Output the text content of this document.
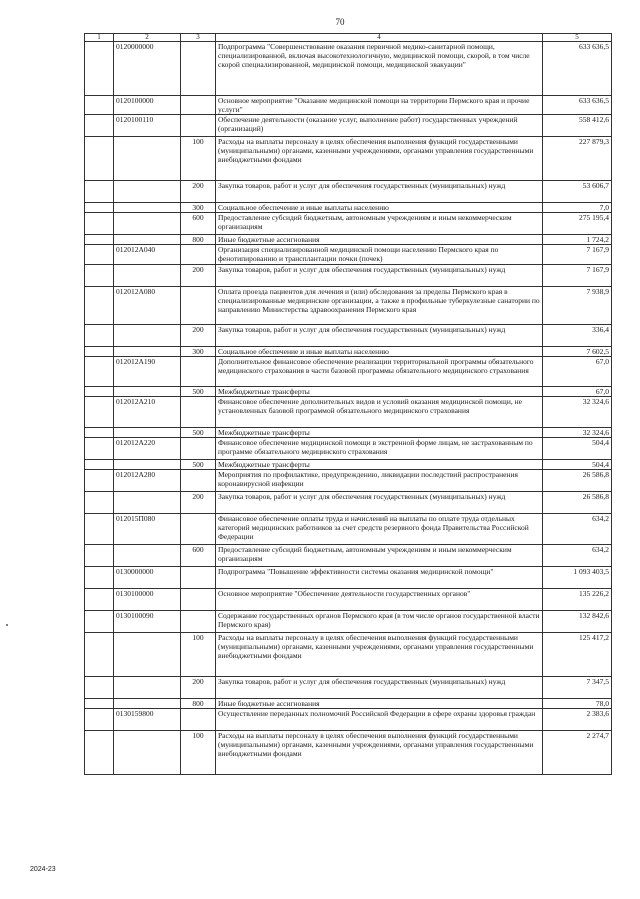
70
1	2	3	4	5
	0120000000		Подпрограмма "Совершенствование оказания первичной медико-санитарной помощи, специализированной, включая высокотехнологичную, медицинской помощи, скорой, в том числе скорой специализированной, медицинской помощи, медицинской эвакуации"	633 636,5
	0120100000		Основное мероприятие "Оказание медицинской помощи на территории Пермского края и прочие услуги"	633 636,5
	0120100110		Обеспечение деятельности (оказание услуг, выполнение работ) государственных учреждений (организаций)	558 412,6
		100	Расходы на выплаты персоналу в целях обеспечения выполнения функций государственными (муниципальными) органами, казенными учреждениями, органами управления государственными внебюджетными фондами	227 879,3
		200	Закупка товаров, работ и услуг для обеспечения государственных (муниципальных) нужд	53 606,7
		300	Социальное обеспечение и иные выплаты населению	7,0
		600	Предоставление субсидий бюджетным, автономным учреждениям и иным некоммерческим организациям	275 195,4
		800	Иные бюджетные ассигнования	1 724,2
	012012А040		Организация специализированной медицинской помощи населению Пермского края по фенотипированию и трансплантации почки (почек)	7 167,9
		200	Закупка товаров, работ и услуг для обеспечения государственных (муниципальных) нужд	7 167,9
	012012А080		Оплата проезда пациентов для лечения и (или) обследования за пределы Пермского края в специализированные медицинские организации, а также в профильные туберкулезные санатории по направлению Министерства здравоохранения Пермского края	7 938,9
		200	Закупка товаров, работ и услуг для обеспечения государственных (муниципальных) нужд	336,4
		300	Социальное обеспечение и иные выплаты населению	7 602,5
	012012А190		Дополнительное финансовое обеспечение реализации территориальной программы обязательного медицинского страхования в части базовой программы обязательного медицинского страхования	67,0
		500	Межбюджетные трансферты	67,0
	012012А210		Финансовое обеспечение дополнительных видов и условий оказания медицинской помощи, не установленных базовой программой обязательного медицинского страхования	32 324,6
		500	Межбюджетные трансферты	32 324,6
	012012А220		Финансовое обеспечение медицинской помощи в экстренной форме лицам, не застрахованным по программе обязательного медицинского страхования	504,4
		500	Межбюджетные трансферты	504,4
	012012А280		Мероприятия по профилактике, предупреждению, ликвидации последствий распространения коронавирусной инфекции	26 586,8
		200	Закупка товаров, работ и услуг для обеспечения государственных (муниципальных) нужд	26 586,8
	012015П080		Финансовое обеспечение оплаты труда и начислений на выплаты по оплате труда отдельных категорий медицинских работников за счет средств резервного фонда Правительства Российской Федерации	634,2
		600	Предоставление субсидий бюджетным, автономным учреждениям и иным некоммерческим организациям	634,2
	0130000000		Подпрограмма "Повышение эффективности системы оказания медицинской помощи"	1 093 403,5
	0130100000		Основное мероприятие "Обеспечение деятельности государственных органов"	135 226,2
	0130100090		Содержание государственных органов Пермского края (в том числе органов государственной власти Пермского края)	132 842,6
		100	Расходы на выплаты персоналу в целях обеспечения выполнения функций государственными (муниципальными) органами, казенными учреждениями, органами управления государственными внебюджетными фондами	125 417,2
		200	Закупка товаров, работ и услуг для обеспечения государственных (муниципальных) нужд	7 347,5
		800	Иные бюджетные ассигнования	78,0
	0130159800		Осуществление переданных полномочий Российской Федерации в сфере охраны здоровья граждан	2 383,6
		100	Расходы на выплаты персоналу в целях обеспечения выполнения функций государственными (муниципальными) органами, казенными учреждениями, органами управления государственными внебюджетными фондами	2 274,7
2024-23
